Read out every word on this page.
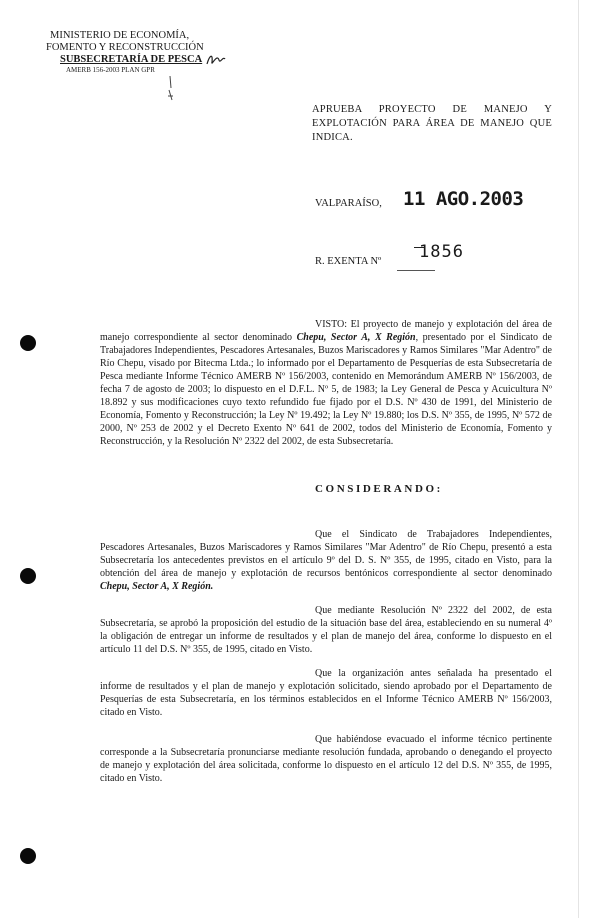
MINISTERIO DE ECONOMÍA,
FOMENTO Y RECONSTRUCCIÓN
SUBSECRETARÍA DE PESCA
AMERB 156-2003 PLAN GPR
APRUEBA PROYECTO DE MANEJO Y EXPLOTACIÓN PARA ÁREA DE MANEJO QUE INDICA.
VALPARAÍSO, 11 AGO.2003
R. EXENTA Nº 1856

VISTO: El proyecto de manejo y explotación del área de manejo correspondiente al sector denominado Chepu, Sector A, X Región, presentado por el Sindicato de Trabajadores Independientes, Pescadores Artesanales, Buzos Mariscadores y Ramos Similares "Mar Adentro" de Río Chepu, visado por Bitecma Ltda.; lo informado por el Departamento de Pesquerías de esta Subsecretaría de Pesca mediante Informe Técnico AMERB Nº 156/2003, contenido en Memorándum AMERB Nº 156/2003, de fecha 7 de agosto de 2003; lo dispuesto en el D.F.L. Nº 5, de 1983; la Ley General de Pesca y Acuicultura Nº 18.892 y sus modificaciones cuyo texto refundido fue fijado por el D.S. Nº 430 de 1991, del Ministerio de Economía, Fomento y Reconstrucción; la Ley Nº 19.492; la Ley Nº 19.880; los D.S. Nº 355, de 1995, Nº 572 de 2000, Nº 253 de 2002 y el Decreto Exento Nº 641 de 2002, todos del Ministerio de Economía, Fomento y Reconstrucción, y la Resolución Nº 2322 del 2002, de esta Subsecretaría.

CONSIDERANDO:

Que el Sindicato de Trabajadores Independientes, Pescadores Artesanales, Buzos Mariscadores y Ramos Similares "Mar Adentro" de Río Chepu, presentó a esta Subsecretaría los antecedentes previstos en el artículo 9º del D. S. Nº 355, de 1995, citado en Visto, para la obtención del área de manejo y explotación de recursos bentónicos correspondiente al sector denominado Chepu, Sector A, X Región.

Que mediante Resolución Nº 2322 del 2002, de esta Subsecretaría, se aprobó la proposición del estudio de la situación base del área, estableciendo en su numeral 4º la obligación de entregar un informe de resultados y el plan de manejo del área, conforme lo dispuesto en el artículo 11 del D.S. Nº 355, de 1995, citado en Visto.

Que la organización antes señalada ha presentado el informe de resultados y el plan de manejo y explotación solicitado, siendo aprobado por el Departamento de Pesquerías de esta Subsecretaría, en los términos establecidos en el Informe Técnico AMERB Nº 156/2003, citado en Visto.

Que habiéndose evacuado el informe técnico pertinente corresponde a la Subsecretaría pronunciarse mediante resolución fundada, aprobando o denegando el proyecto de manejo y explotación del área solicitada, conforme lo dispuesto en el artículo 12 del D.S. Nº 355, de 1995, citado en Visto.
